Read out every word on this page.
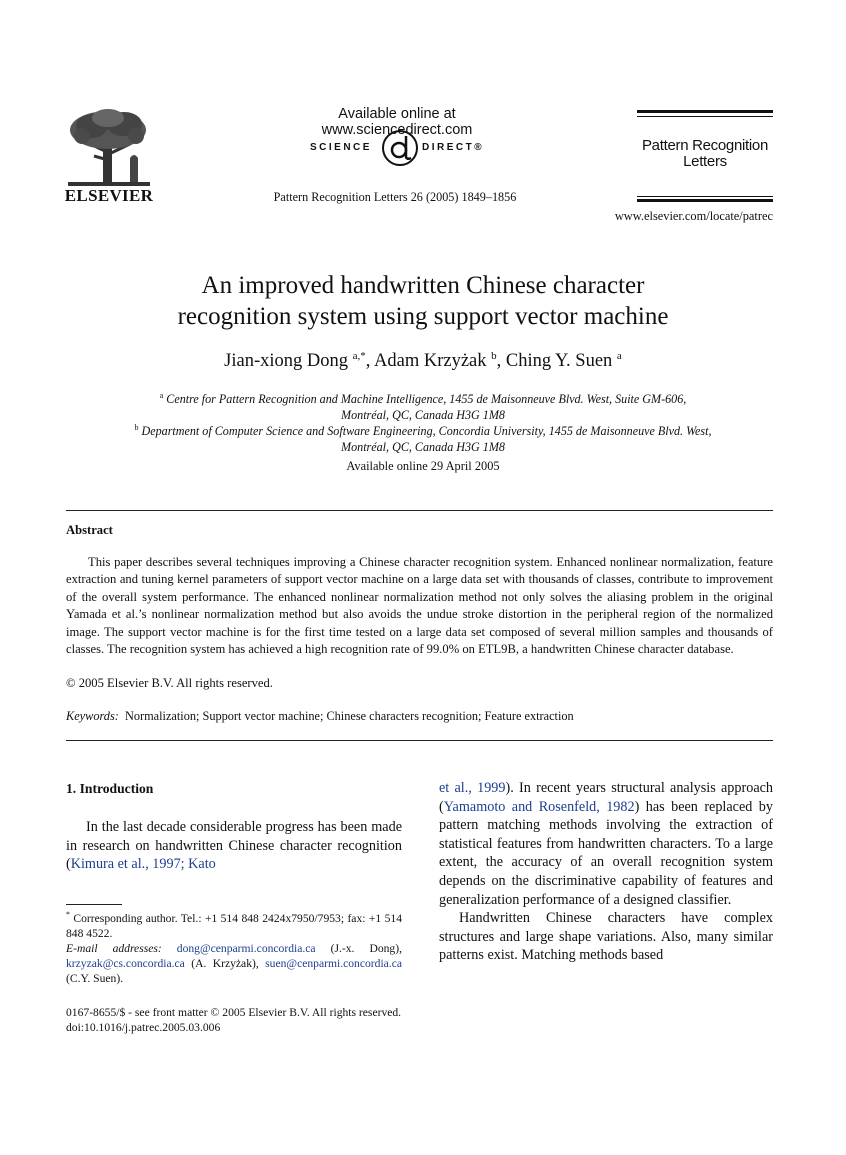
ELSEVIER
Available online at www.sciencedirect.com
SCIENCE	DIRECT®
Pattern Recognition Letters 26 (2005) 1849–1856
Pattern Recognition
Letters
www.elsevier.com/locate/patrec
An improved handwritten Chinese character
recognition system using support vector machine
Jian-xiong Dong $^{a,*}$, Adam Krzyżak $^b$, Ching Y. Suen $^a$
$^a$ Centre for Pattern Recognition and Machine Intelligence, 1455 de Maisonneuve Blvd. West, Suite GM-606,
Montréal, QC, Canada H3G 1M8
$^b$ Department of Computer Science and Software Engineering, Concordia University, 1455 de Maisonneuve Blvd. West,
Montréal, QC, Canada H3G 1M8
Available online 29 April 2005
Abstract
This paper describes several techniques improving a Chinese character recognition system. Enhanced nonlinear normalization, feature extraction and tuning kernel parameters of support vector machine on a large data set with thousands of classes, contribute to improvement of the overall system performance. The enhanced nonlinear normalization method not only solves the aliasing problem in the original Yamada et al.’s nonlinear normalization method but also avoids the undue stroke distortion in the peripheral region of the normalized image. The support vector machine is for the first time tested on a large data set composed of several million samples and thousands of classes. The recognition system has achieved a high recognition rate of 99.0% on ETL9B, a handwritten Chinese character database.
© 2005 Elsevier B.V. All rights reserved.
Keywords: Normalization; Support vector machine; Chinese characters recognition; Feature extraction
1. Introduction
In the last decade considerable progress has been made in research on handwritten Chinese character recognition (Kimura et al., 1997; Kato
* Corresponding author. Tel.: +1 514 848 2424x7950/7953; fax: +1 514 848 4522.
E-mail addresses: dong@cenparmi.concordia.ca (J.-x. Dong), krzyzak@cs.concordia.ca (A. Krzyżak), suen@cenparmi.concordia.ca (C.Y. Suen).
et al., 1999). In recent years structural analysis approach (Yamamoto and Rosenfeld, 1982) has been replaced by pattern matching methods involving the extraction of statistical features from handwritten characters. To a large extent, the accuracy of an overall recognition system depends on the discriminative capability of features and generalization performance of a designed classifier.
Handwritten Chinese characters have complex structures and large shape variations. Also, many similar patterns exist. Matching methods based
0167-8655/$ - see front matter © 2005 Elsevier B.V. All rights reserved.
doi:10.1016/j.patrec.2005.03.006
